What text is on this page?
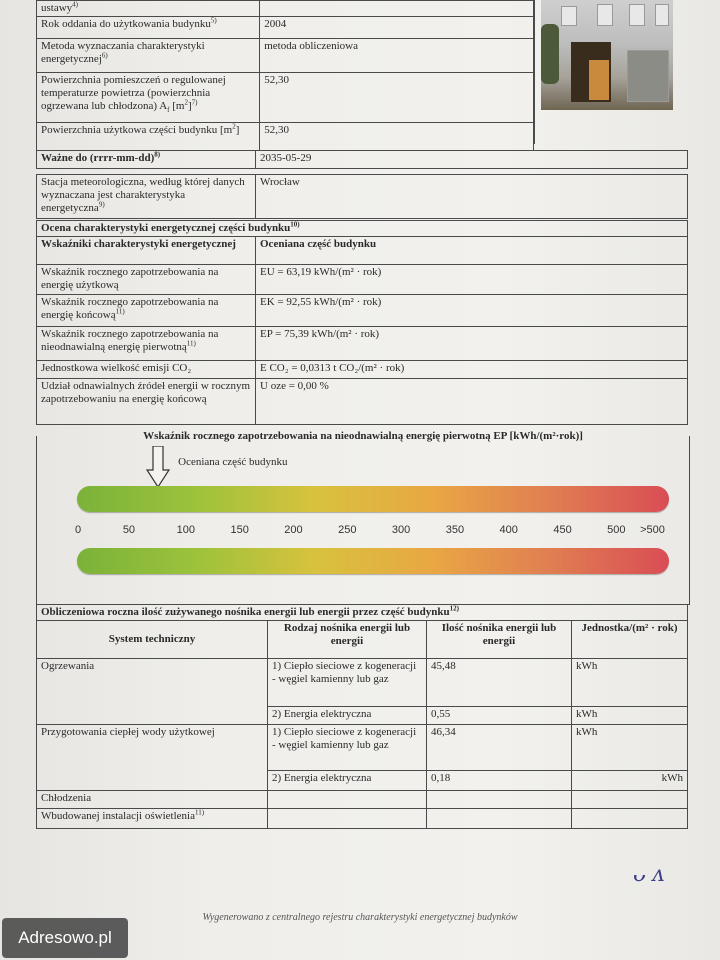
ustawy$^{4)}$	
Rok oddania do użytkowania budynku$^{5)}$	2004
Metoda wyznaczania charakterystyki energetycznej$^{6)}$	metoda obliczeniowa
Powierzchnia pomieszczeń o regulowanej temperaturze powietrza (powierzchnia ogrzewana lub chłodzona) $A_f$ $[m^2]^{7)}$	52,30
Powierzchnia użytkowa części budynku $[m^2]$	52,30
Ważne do (rrrr-mm-dd)$^{8)}$	2035-05-29
Stacja meteorologiczna, według której danych wyznaczana jest charakterystyka energetyczna$^{9)}$	Wrocław
Ocena charakterystyki energetycznej części budynku$^{10)}$
Wskaźniki charakterystyki energetycznej	Oceniana część budynku
Wskaźnik rocznego zapotrzebowania na energię użytkową	EU = 63,19 kWh/(m² · rok)
Wskaźnik rocznego zapotrzebowania na energię końcową$^{11)}$	EK = 92,55 kWh/(m² · rok)
Wskaźnik rocznego zapotrzebowania na nieodnawialną energię pierwotną$^{11)}$	EP = 75,39 kWh/(m² · rok)
Jednostkowa wielkość emisji CO₂	E CO₂ = 0,0313 t CO₂/(m² · rok)
Udział odnawialnych źródeł energii w rocznym zapotrzebowaniu na energię końcową	U oze = 0,00 %
Wskaźnik rocznego zapotrzebowania na nieodnawialną energię pierwotną EP [kWh/(m²·rok)]
Oceniana część budynku
0	50	100	150	200	250	300	350	400	450	500 >500
Obliczeniowa roczna ilość zużywanego nośnika energii lub energii przez część budynku$^{12)}$
System techniczny	Rodzaj nośnika energii lub energii	Ilość nośnika energii lub energii	Jednostka/(m² · rok)
Ogrzewania	1) Ciepło sieciowe z kogeneracji - węgiel kamienny lub gaz	45,48	kWh
	2) Energia elektryczna	0,55	kWh
Przygotowania ciepłej wody użytkowej	1) Ciepło sieciowe z kogeneracji - węgiel kamienny lub gaz	46,34	kWh
	2) Energia elektryczna	0,18	kWh
Chłodzenia			
Wbudowanej instalacji oświetlenia$^{11)}$			
ᴗ ᴧ
Wygenerowano z centralnego rejestru charakterystyki energetycznej budynków
Adresowo.pl
